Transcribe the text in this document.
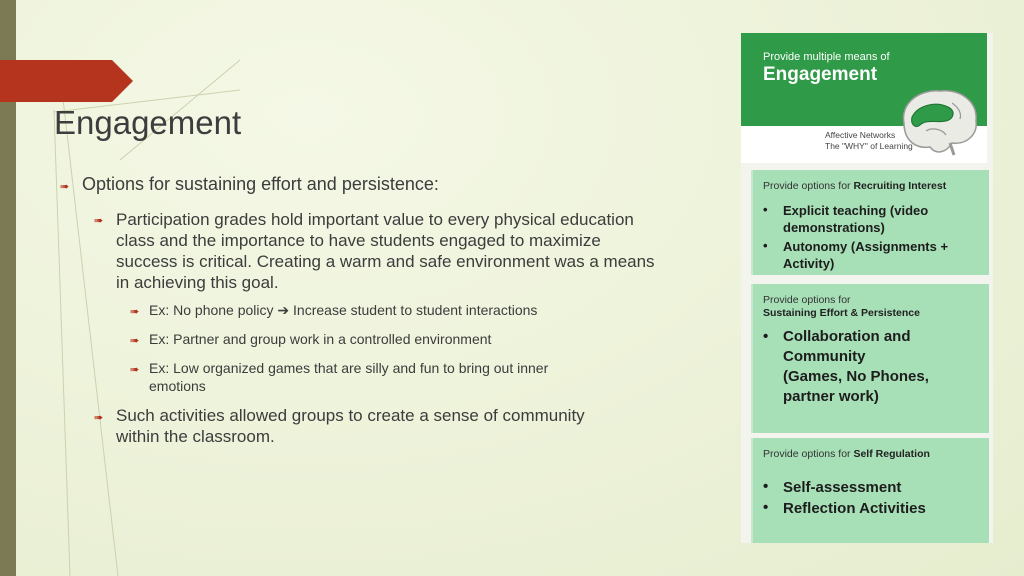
Engagement
➠ Options for sustaining effort and persistence:
➠ Participation grades hold important value to every physical education class and the importance to have students engaged to maximize success is critical. Creating a warm and safe environment was a means in achieving this goal.
➠ Ex: No phone policy ➔ Increase student to student interactions
➠ Ex: Partner and group work in a controlled environment
➠ Ex: Low organized games that are silly and fun to bring out inner
emotions
➠ Such activities allowed groups to create a sense of community
within the classroom.
Provide multiple means of
Engagement
Affective Networks
The "WHY" of Learning
Provide options for Recruiting Interest
• Explicit teaching (video
demonstrations)
• Autonomy (Assignments +
Activity)
Provide options for
Sustaining Effort & Persistence
• Collaboration and
Community
(Games, No Phones,
partner work)
Provide options for Self Regulation
• Self-assessment
• Reflection Activities
